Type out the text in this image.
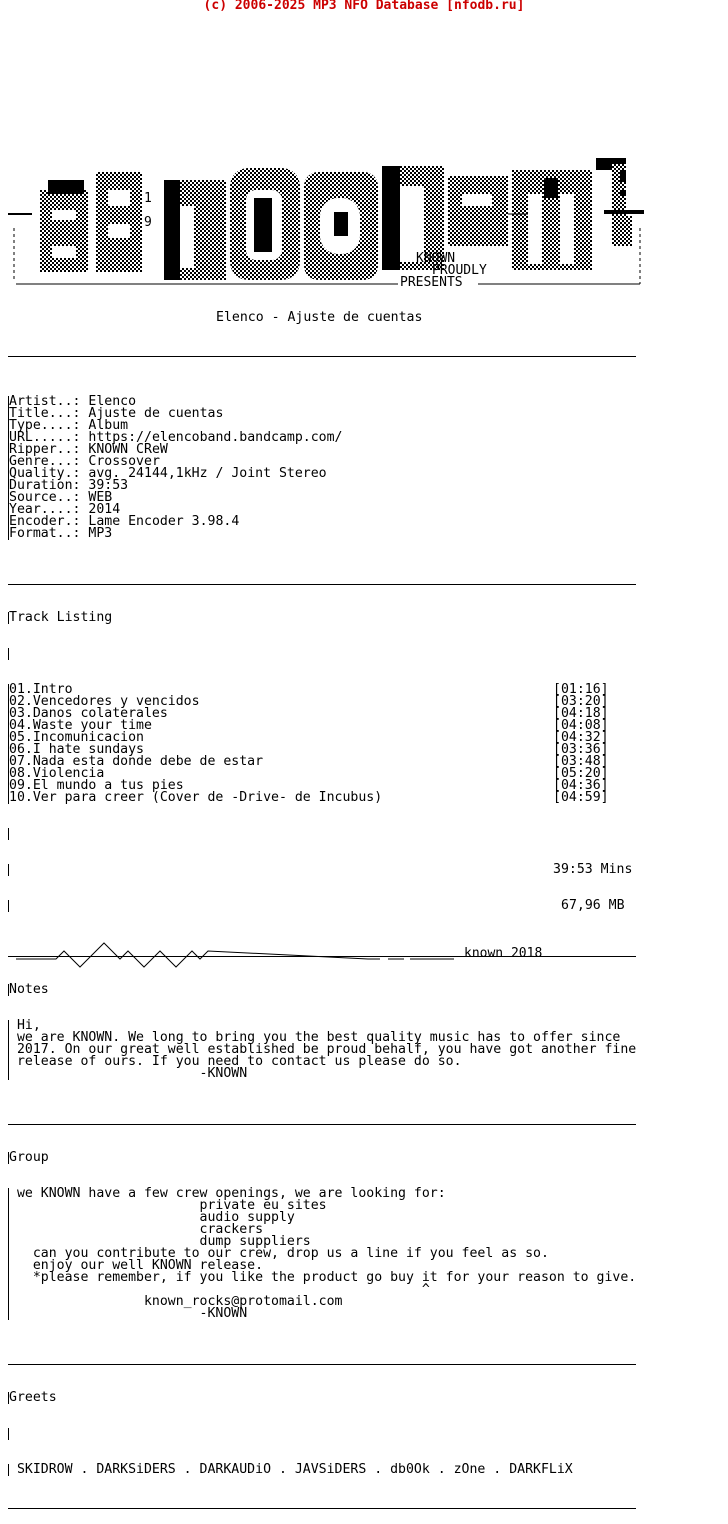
(c) 2006-2025 MP3 NFO Database [nfodb.ru]
1
9
KNOWN
PROUDLY
PRESENTS

Elenco - Ajuste de cuentas

Artist..: Elenco
Title...: Ajuste de cuentas
Type....: Album
URL.....: https://elencoband.bandcamp.com/
Ripper..: KNOWN CReW
Genre...: Crossover
Quality.: avg. 24144,1kHz / Joint Stereo
Duration: 39:53
Source..: WEB
Year....: 2014
Encoder.: Lame Encoder 3.98.4
Format..: MP3

Track Listing

01.Intro	[01:16]
02.Vencedores y vencidos	[03:20]
03.Danos colaterales	[04:18]
04.Waste your time	[04:08]
05.Incomunicacion	[04:32]
06.I hate sundays	[03:36]
07.Nada esta donde debe de estar	[03:48]
08.Violencia	[05:20]
09.El mundo a tus pies	[04:36]
10.Ver para creer (Cover de -Drive- de Incubus)	[04:59]

39:53 Mins

67,96 MB

Notes

Hi,
we are KNOWN. We long to bring you the best quality music has to offer since
2017. On our great well established be proud behalf, you have got another fine
release of ours. If you need to contact us please do so.
-KNOWN

Group

we KNOWN have a few crew openings, we are looking for:
private eu sites
audio supply
crackers
dump suppliers
can you contribute to our crew, drop us a line if you feel as so.
enjoy our well KNOWN release.
*please remember, if you like the product go buy it for your reason to give.
^
known_rocks@protomail.com
-KNOWN

Greets

SKIDROW . DARKSiDERS . DARKAUDiO . JAVSiDERS . db0Ok . zOne . DARKFLiX

known 2018
